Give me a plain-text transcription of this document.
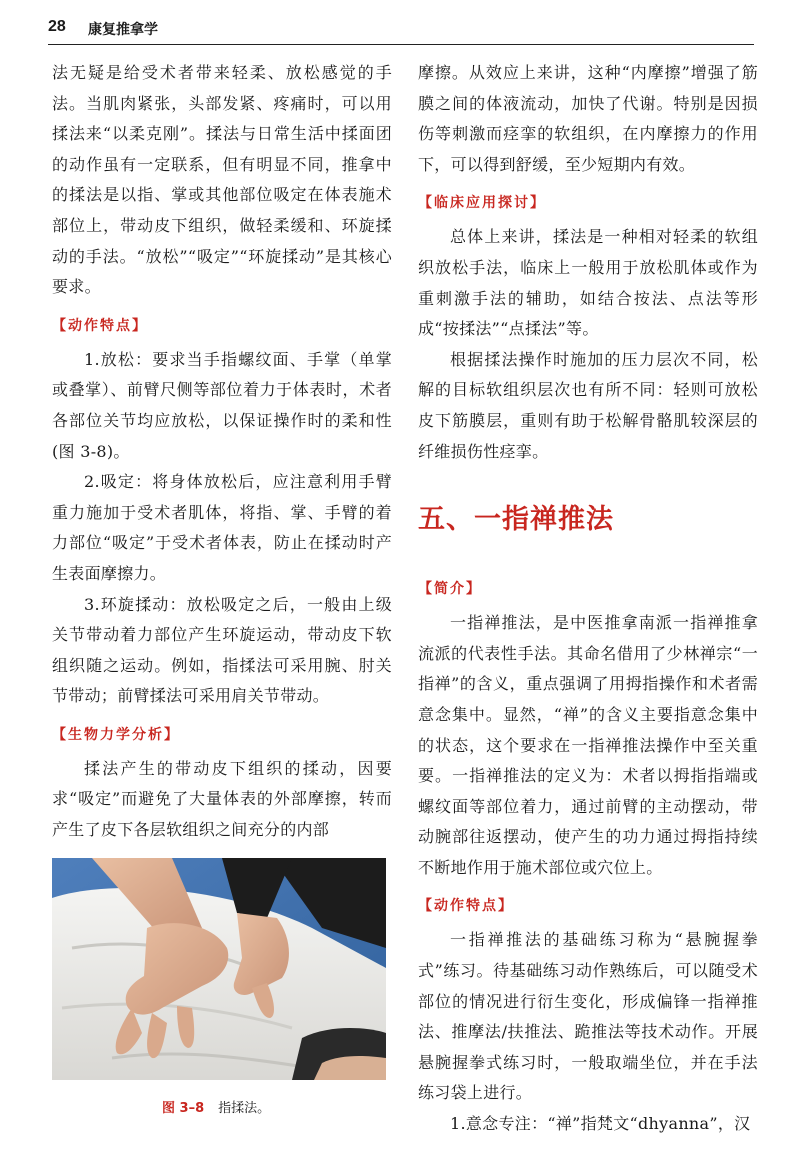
28 康复推拿学

法无疑是给受术者带来轻柔、放松感觉的手法。当肌肉紧张，头部发紧、疼痛时，可以用揉法来“以柔克刚”。揉法与日常生活中揉面团的动作虽有一定联系，但有明显不同，推拿中的揉法是以指、掌或其他部位吸定在体表施术部位上，带动皮下组织，做轻柔缓和、环旋揉动的手法。“放松”“吸定”“环旋揉动”是其核心要求。

【动作特点】

1.放松：要求当手指螺纹面、手掌（单掌或叠掌）、前臂尺侧等部位着力于体表时，术者各部位关节均应放松，以保证操作时的柔和性(图 3-8)。

2.吸定：将身体放松后，应注意利用手臂重力施加于受术者肌体，将指、掌、手臂的着力部位“吸定”于受术者体表，防止在揉动时产生表面摩擦力。

3.环旋揉动：放松吸定之后，一般由上级关节带动着力部位产生环旋运动，带动皮下软组织随之运动。例如，指揉法可采用腕、肘关节带动；前臂揉法可采用肩关节带动。

【生物力学分析】

揉法产生的带动皮下组织的揉动，因要求“吸定”而避免了大量体表的外部摩擦，转而产生了皮下各层软组织之间充分的内部

图 3–8 指揉法。

摩擦。从效应上来讲，这种“内摩擦”增强了筋膜之间的体液流动，加快了代谢。特别是因损伤等刺激而痉挛的软组织，在内摩擦力的作用下，可以得到舒缓，至少短期内有效。

【临床应用探讨】

总体上来讲，揉法是一种相对轻柔的软组织放松手法，临床上一般用于放松肌体或作为重刺激手法的辅助，如结合按法、点法等形成“按揉法”“点揉法”等。

根据揉法操作时施加的压力层次不同，松解的目标软组织层次也有所不同：轻则可放松皮下筋膜层，重则有助于松解骨骼肌较深层的纤维损伤性痉挛。

五、一指禅推法
【简介】

一指禅推法，是中医推拿南派一指禅推拿流派的代表性手法。其命名借用了少林禅宗“一指禅”的含义，重点强调了用拇指操作和术者需意念集中。显然，“禅”的含义主要指意念集中的状态，这个要求在一指禅推法操作中至关重要。一指禅推法的定义为：术者以拇指指端或螺纹面等部位着力，通过前臂的主动摆动，带动腕部往返摆动，使产生的功力通过拇指持续不断地作用于施术部位或穴位上。

【动作特点】

一指禅推法的基础练习称为“悬腕握拳式”练习。待基础练习动作熟练后，可以随受术部位的情况进行衍生变化，形成偏锋一指禅推法、推摩法/扶推法、跪推法等技术动作。开展悬腕握拳式练习时，一般取端坐位，并在手法练习袋上进行。

1.意念专注：“禅”指梵文“dhyanna”，汉
